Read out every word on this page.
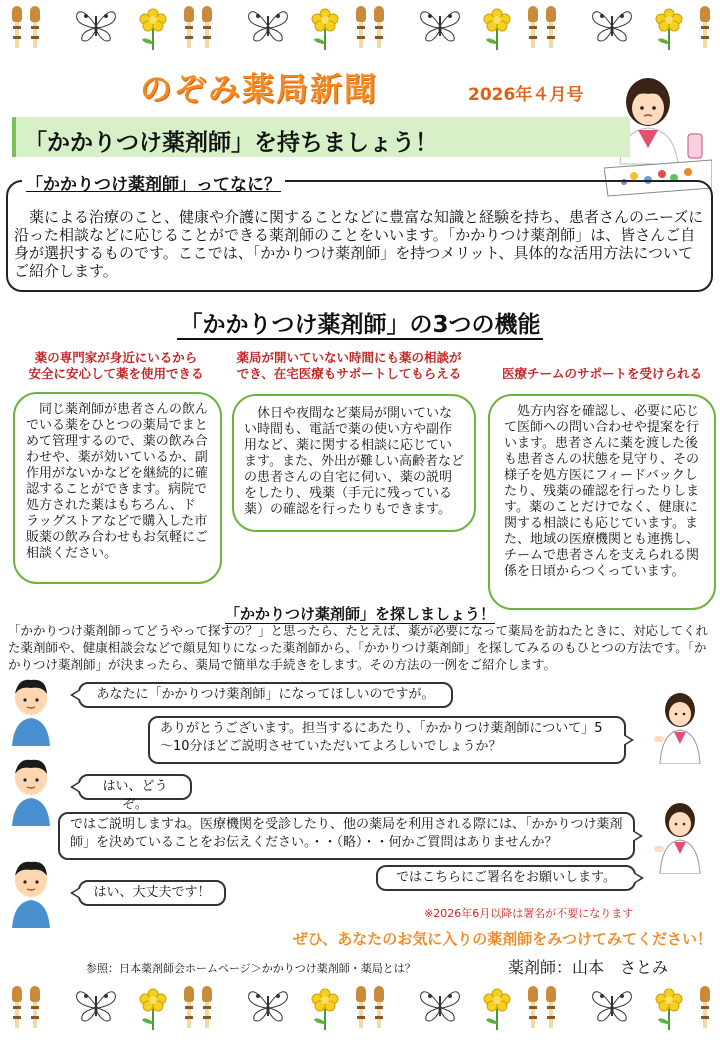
のぞみ薬局新聞	2026年４月号
「かかりつけ薬剤師」を持ちましょう！
「かかりつけ薬剤師」ってなに？
　薬による治療のこと、健康や介護に関することなどに豊富な知識と経験を持ち、患者さんのニーズに沿った相談などに応じることができる薬剤師のことをいいます。「かかりつけ薬剤師」は、皆さんご自身が選択するものです。ここでは、「かかりつけ薬剤師」を持つメリット、具体的な活用方法についてご紹介します。
「かかりつけ薬剤師」の3つの機能
薬の専門家が身近にいるから
安全に安心して薬を使用できる
　同じ薬剤師が患者さんの飲んでいる薬をひとつの薬局でまとめて管理するので、薬の飲み合わせや、薬が効いているか、副作用がないかなどを継続的に確認することができます。病院で処方された薬はもちろん、ドラッグストアなどで購入した市販薬の飲み合わせもお気軽にご相談ください。
薬局が開いていない時間にも薬の相談が
でき、在宅医療もサポートしてもらえる
　休日や夜間など薬局が開いていない時間も、電話で薬の使い方や副作用など、薬に関する相談に応じています。また、外出が難しい高齢者などの患者さんの自宅に伺い、薬の説明をしたり、残薬（手元に残っている薬）の確認を行ったりもできます。
医療チームのサポートを受けられる
　処方内容を確認し、必要に応じて医師への問い合わせや提案を行います。患者さんに薬を渡した後も患者さんの状態を見守り、その様子を処方医にフィードバックしたり、残薬の確認を行ったりします。薬のことだけでなく、健康に関する相談にも応じています。また、地域の医療機関とも連携し、チームで患者さんを支えられる関係を日頃からつくっています。
「かかりつけ薬剤師」を探しましょう！
「かかりつけ薬剤師ってどうやって探すの？」と思ったら、たとえば、薬が必要になって薬局を訪ねたときに、対応してくれた薬剤師や、健康相談会などで顔見知りになった薬剤師から、「かかりつけ薬剤師」を探してみるのもひとつの方法です。「かかりつけ薬剤師」が決まったら、薬局で簡単な手続きをします。その方法の一例をご紹介します。
あなたに「かかりつけ薬剤師」になってほしいのですが。
ありがとうございます。担当するにあたり、「かかりつけ薬剤師について」5～10分ほどご説明させていただいてよろしいでしょうか？
はい、どうぞ。
ではご説明しますね。医療機関を受診したり、他の薬局を利用される際には、「かかりつけ薬剤師」を決めていることをお伝えください。・・（略）・・何かご質問はありませんか？
ではこちらにご署名をお願いします。
はい、大丈夫です！
※2026年6月以降は署名が不要になります
ぜひ、あなたのお気に入りの薬剤師をみつけてみてください！
参照：日本薬剤師会ホームページ＞かかりつけ薬剤師・薬局とは？	薬剤師：山本　さとみ
